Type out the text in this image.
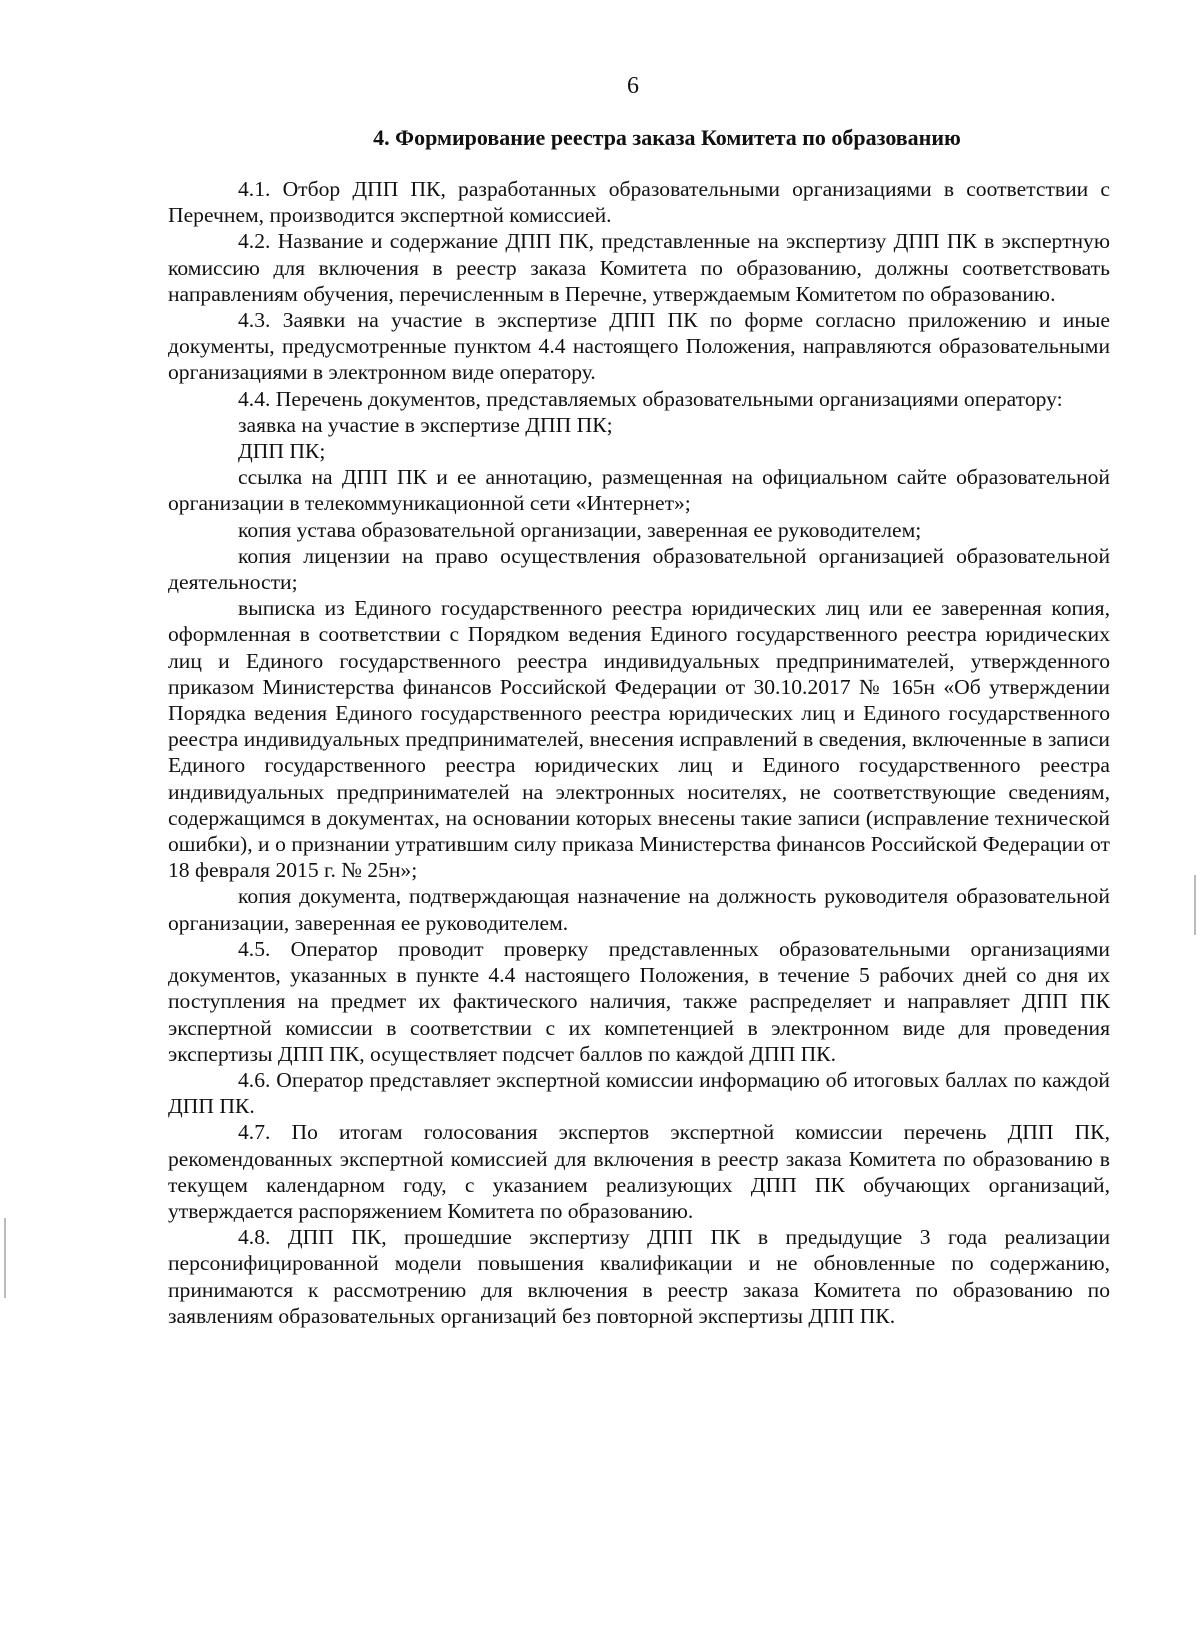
6
4. Формирование реестра заказа Комитета по образованию

4.1. Отбор ДПП ПК, разработанных образовательными организациями в соответствии с Перечнем, производится экспертной комиссией.

4.2. Название и содержание ДПП ПК, представленные на экспертизу ДПП ПК в экспертную комиссию для включения в реестр заказа Комитета по образованию, должны соответствовать направлениям обучения, перечисленным в Перечне, утверждаемым Комитетом по образованию.

4.3. Заявки на участие в экспертизе ДПП ПК по форме согласно приложению и иные документы, предусмотренные пунктом 4.4 настоящего Положения, направляются образовательными организациями в электронном виде оператору.

4.4. Перечень документов, представляемых образовательными организациями оператору:

заявка на участие в экспертизе ДПП ПК;

ДПП ПК;

ссылка на ДПП ПК и ее аннотацию, размещенная на официальном сайте образовательной организации в телекоммуникационной сети «Интернет»;

копия устава образовательной организации, заверенная ее руководителем;

копия лицензии на право осуществления образовательной организацией образовательной деятельности;

выписка из Единого государственного реестра юридических лиц или ее заверенная копия, оформленная в соответствии с Порядком ведения Единого государственного реестра юридических лиц и Единого государственного реестра индивидуальных предпринимателей, утвержденного приказом Министерства финансов Российской Федерации от 30.10.2017 № 165н «Об утверждении Порядка ведения Единого государственного реестра юридических лиц и Единого государственного реестра индивидуальных предпринимателей, внесения исправлений в сведения, включенные в записи Единого государственного реестра юридических лиц и Единого государственного реестра индивидуальных предпринимателей на электронных носителях, не соответствующие сведениям, содержащимся в документах, на основании которых внесены такие записи (исправление технической ошибки), и о признании утратившим силу приказа Министерства финансов Российской Федерации от 18 февраля 2015 г. № 25н»;

копия документа, подтверждающая назначение на должность руководителя образовательной организации, заверенная ее руководителем.

4.5. Оператор проводит проверку представленных образовательными организациями документов, указанных в пункте 4.4 настоящего Положения, в течение 5 рабочих дней со дня их поступления на предмет их фактического наличия, также распределяет и направляет ДПП ПК экспертной комиссии в соответствии с их компетенцией в электронном виде для проведения экспертизы ДПП ПК, осуществляет подсчет баллов по каждой ДПП ПК.

4.6. Оператор представляет экспертной комиссии информацию об итоговых баллах по каждой ДПП ПК.

4.7. По итогам голосования экспертов экспертной комиссии перечень ДПП ПК, рекомендованных экспертной комиссией для включения в реестр заказа Комитета по образованию в текущем календарном году, с указанием реализующих ДПП ПК обучающих организаций, утверждается распоряжением Комитета по образованию.

4.8. ДПП ПК, прошедшие экспертизу ДПП ПК в предыдущие 3 года реализации персонифицированной модели повышения квалификации и не обновленные по содержанию, принимаются к рассмотрению для включения в реестр заказа Комитета по образованию по заявлениям образовательных организаций без повторной экспертизы ДПП ПК.
